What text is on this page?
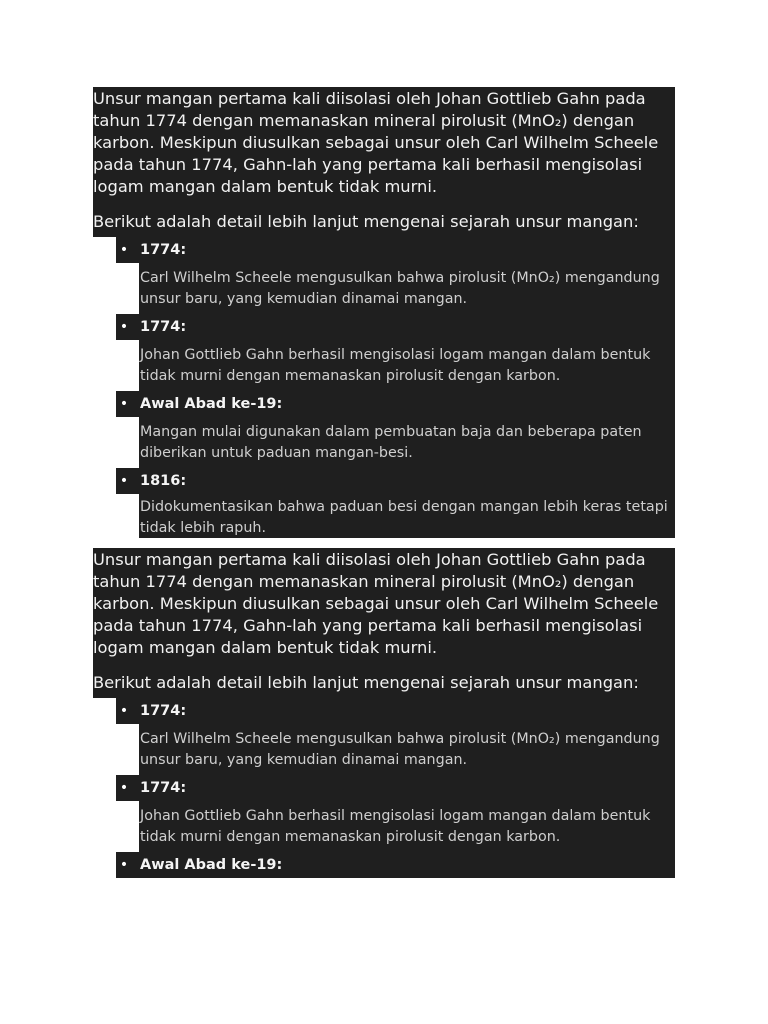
Unsur mangan pertama kali diisolasi oleh Johan Gottlieb Gahn pada tahun 1774 dengan memanaskan mineral pirolusit (MnO₂) dengan karbon. Meskipun diusulkan sebagai unsur oleh Carl Wilhelm Scheele pada tahun 1774, Gahn-lah yang pertama kali berhasil mengisolasi logam mangan dalam bentuk tidak murni.
Berikut adalah detail lebih lanjut mengenai sejarah unsur mangan:
• 1774:
Carl Wilhelm Scheele mengusulkan bahwa pirolusit (MnO₂) mengandung unsur baru, yang kemudian dinamai mangan.
• 1774:
Johan Gottlieb Gahn berhasil mengisolasi logam mangan dalam bentuk tidak murni dengan memanaskan pirolusit dengan karbon.
• Awal Abad ke-19:
Mangan mulai digunakan dalam pembuatan baja dan beberapa paten diberikan untuk paduan mangan-besi.
• 1816:
Didokumentasikan bahwa paduan besi dengan mangan lebih keras tetapi tidak lebih rapuh.
Unsur mangan pertama kali diisolasi oleh Johan Gottlieb Gahn pada tahun 1774 dengan memanaskan mineral pirolusit (MnO₂) dengan karbon. Meskipun diusulkan sebagai unsur oleh Carl Wilhelm Scheele pada tahun 1774, Gahn-lah yang pertama kali berhasil mengisolasi logam mangan dalam bentuk tidak murni.
Berikut adalah detail lebih lanjut mengenai sejarah unsur mangan:
• 1774:
Carl Wilhelm Scheele mengusulkan bahwa pirolusit (MnO₂) mengandung unsur baru, yang kemudian dinamai mangan.
• 1774:
Johan Gottlieb Gahn berhasil mengisolasi logam mangan dalam bentuk tidak murni dengan memanaskan pirolusit dengan karbon.
• Awal Abad ke-19:
